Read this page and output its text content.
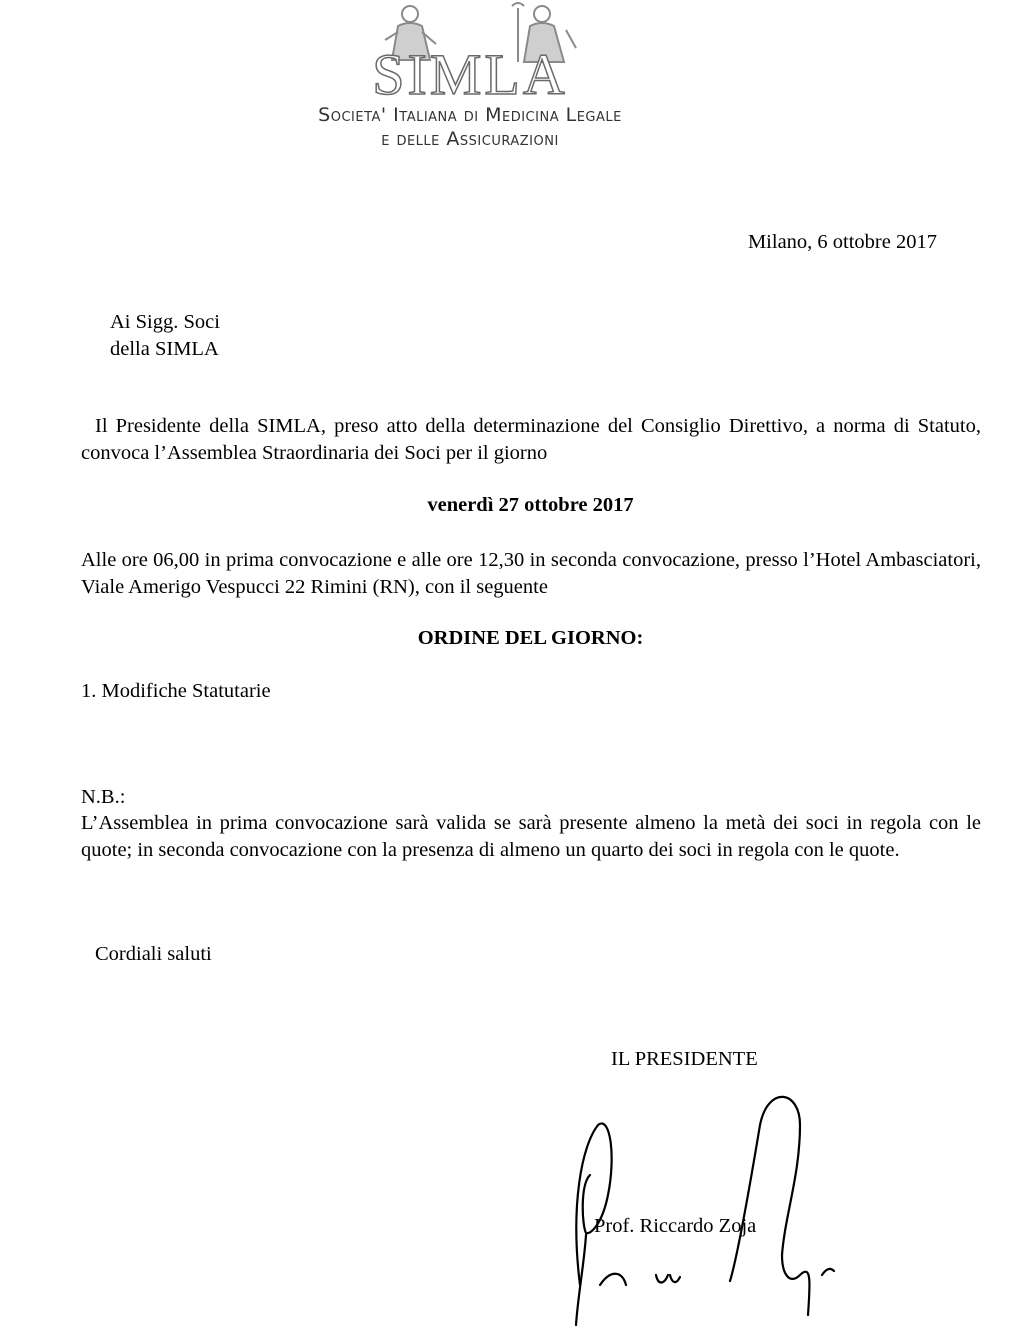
SIMLA
Societa' Italiana di Medicina Legale
e delle Assicurazioni
Milano, 6 ottobre 2017
Ai Sigg. Soci
della SIMLA
Il Presidente della SIMLA, preso atto della determinazione del Consiglio Direttivo, a norma di Statuto, convoca l’Assemblea Straordinaria dei Soci per il giorno
venerdì 27 ottobre 2017
Alle ore 06,00 in prima convocazione e alle ore 12,30 in seconda convocazione, presso l’Hotel Ambasciatori, Viale Amerigo Vespucci 22 Rimini (RN), con il seguente
ORDINE DEL GIORNO:
1. Modifiche Statutarie
N.B.:
L’Assemblea in prima convocazione sarà valida se sarà presente almeno la metà dei soci in regola con le quote; in seconda convocazione con la presenza di almeno un quarto dei soci in regola con le quote.
Cordiali saluti
IL PRESIDENTE
Prof. Riccardo Zoja
